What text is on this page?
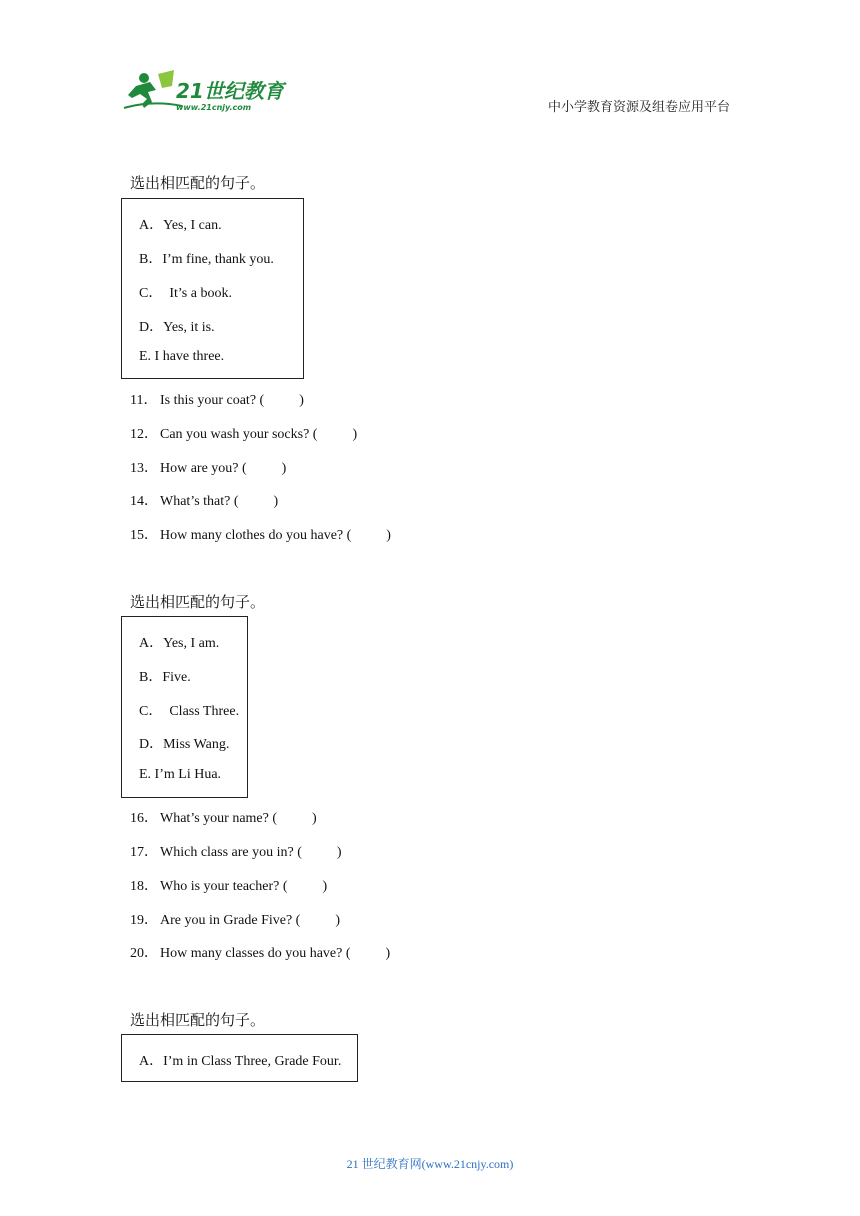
21世纪教育
www.21cnjy.com	中小学教育资源及组卷应用平台

选出相匹配的句子。

A．Yes, I can.
B．I’m fine, thank you.
C．  It’s a book.
D．Yes, it is.
E. I have three.
11． Is this your coat? (          )
12． Can you wash your socks? (          )
13． How are you? (          )
14． What’s that? (          )
15． How many clothes do you have? (          )

选出相匹配的句子。

A．Yes, I am.
B．Five.
C．  Class Three.
D．Miss Wang.
E. I’m Li Hua.
16． What’s your name? (          )
17． Which class are you in? (          )
18． Who is your teacher? (          )
19． Are you in Grade Five? (          )
20． How many classes do you have? (          )

选出相匹配的句子。

A．I’m in Class Three, Grade Four.
21 世纪教育网(www.21cnjy.com)
